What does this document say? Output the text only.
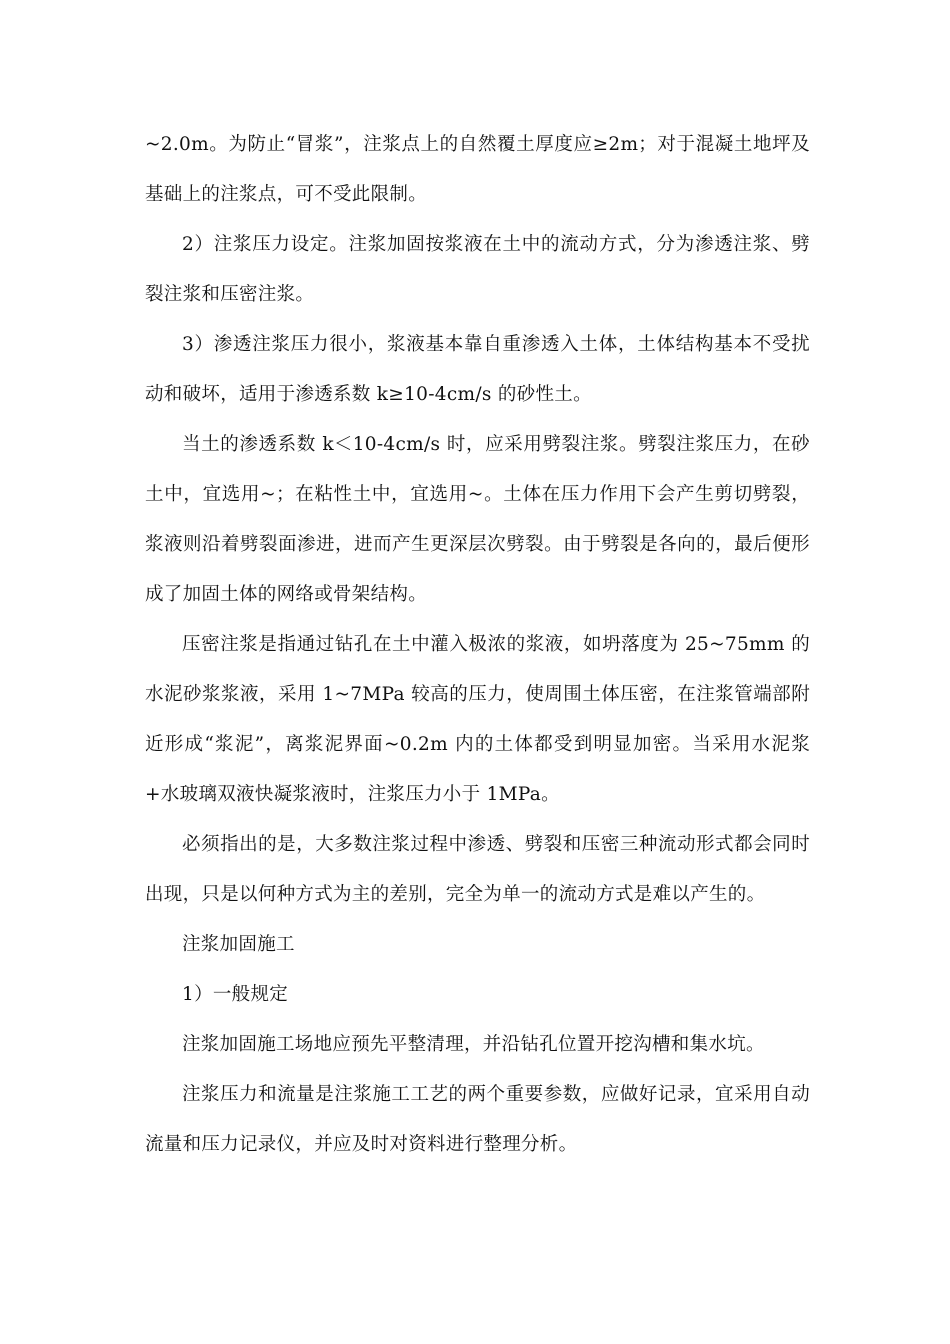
~2.0m。为防止“冒浆”，注浆点上的自然覆土厚度应≥2m；对于混凝土地坪及基础上的注浆点，可不受此限制。

2）注浆压力设定。注浆加固按浆液在土中的流动方式，分为渗透注浆、劈裂注浆和压密注浆。

3）渗透注浆压力很小，浆液基本靠自重渗透入土体，土体结构基本不受扰动和破坏，适用于渗透系数 k≥10-4cm/s 的砂性土。

当土的渗透系数 k＜10-4cm/s 时，应采用劈裂注浆。劈裂注浆压力，在砂土中，宜选用~；在粘性土中，宜选用~。土体在压力作用下会产生剪切劈裂，浆液则沿着劈裂面渗进，进而产生更深层次劈裂。由于劈裂是各向的，最后便形成了加固土体的网络或骨架结构。

压密注浆是指通过钻孔在土中灌入极浓的浆液，如坍落度为 25~75mm 的水泥砂浆浆液，采用 1~7MPa 较高的压力，使周围土体压密，在注浆管端部附近形成“浆泥”，离浆泥界面~0.2m 内的土体都受到明显加密。当采用水泥浆+水玻璃双液快凝浆液时，注浆压力小于 1MPa。

必须指出的是，大多数注浆过程中渗透、劈裂和压密三种流动形式都会同时出现，只是以何种方式为主的差别，完全为单一的流动方式是难以产生的。

注浆加固施工

1）一般规定

注浆加固施工场地应预先平整清理，并沿钻孔位置开挖沟槽和集水坑。

注浆压力和流量是注浆施工工艺的两个重要参数，应做好记录，宜采用自动流量和压力记录仪，并应及时对资料进行整理分析。
